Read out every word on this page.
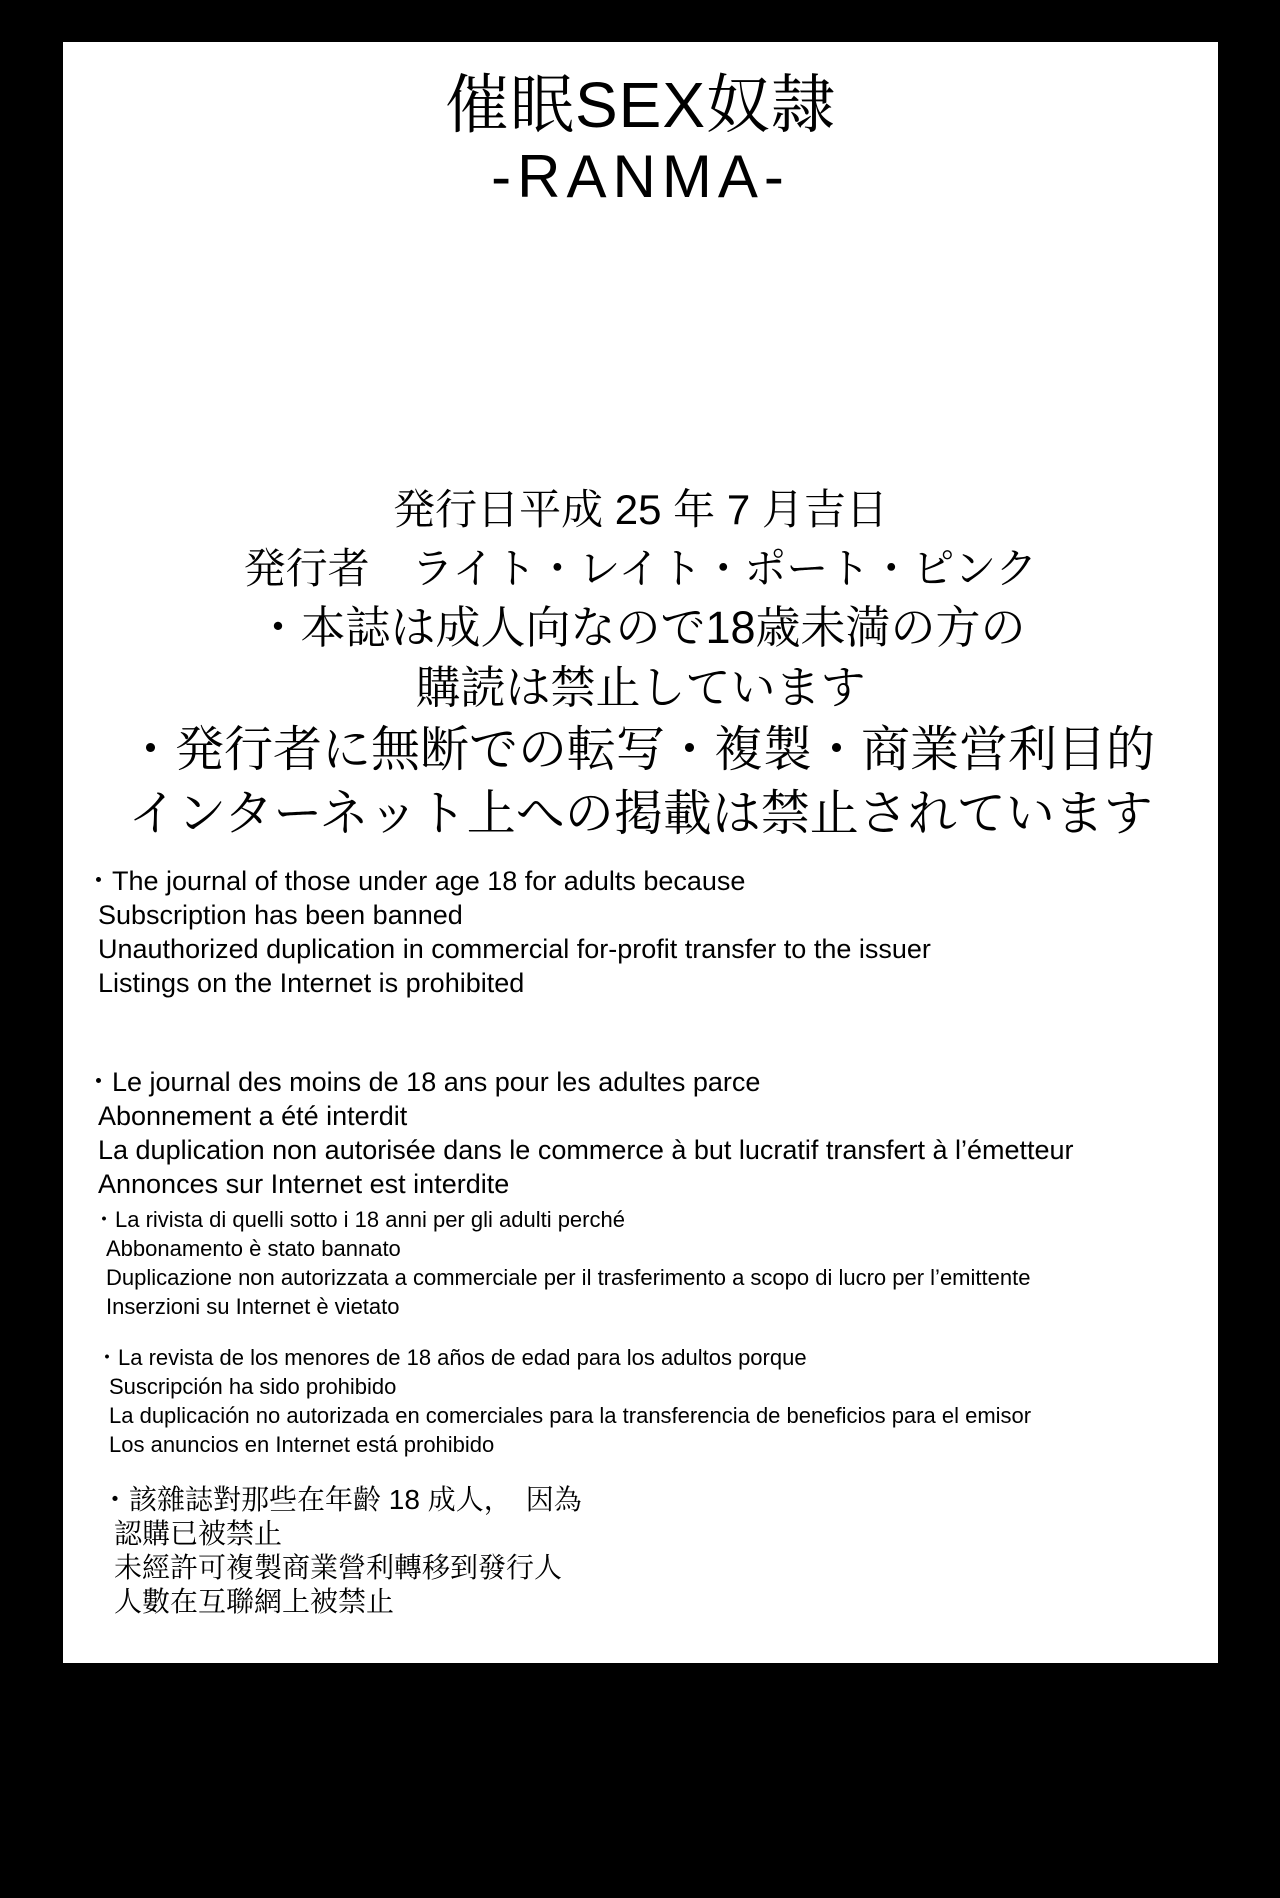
催眠SEX奴隷
-RANMA-
発行日平成 25 年 7 月吉日
発行者　ライト・レイト・ポート・ピンク
・本誌は成人向なので18歳未満の方の
購読は禁止しています
・発行者に無断での転写・複製・商業営利目的
インターネット上への掲載は禁止されています
・The journal of those under age 18 for adults because
Subscription has been banned
Unauthorized duplication in commercial for-profit transfer to the issuer
Listings on the Internet is prohibited
・Le journal des moins de 18 ans pour les adultes parce
Abonnement a été interdit
La duplication non autorisée dans le commerce à but lucratif transfert à l’émetteur
Annonces sur Internet est interdite
・La rivista di quelli sotto i 18 anni per gli adulti perché
Abbonamento è stato bannato
Duplicazione non autorizzata a commerciale per il trasferimento a scopo di lucro per l’emittente
Inserzioni su Internet è vietato
・La revista de los menores de 18 años de edad para los adultos porque
Suscripción ha sido prohibido
La duplicación no autorizada en comerciales para la transferencia de beneficios para el emisor
Los anuncios en Internet está prohibido
・該雜誌對那些在年齡 18 成人，　因為
認購已被禁止
未經許可複製商業營利轉移到發行人
人數在互聯網上被禁止
